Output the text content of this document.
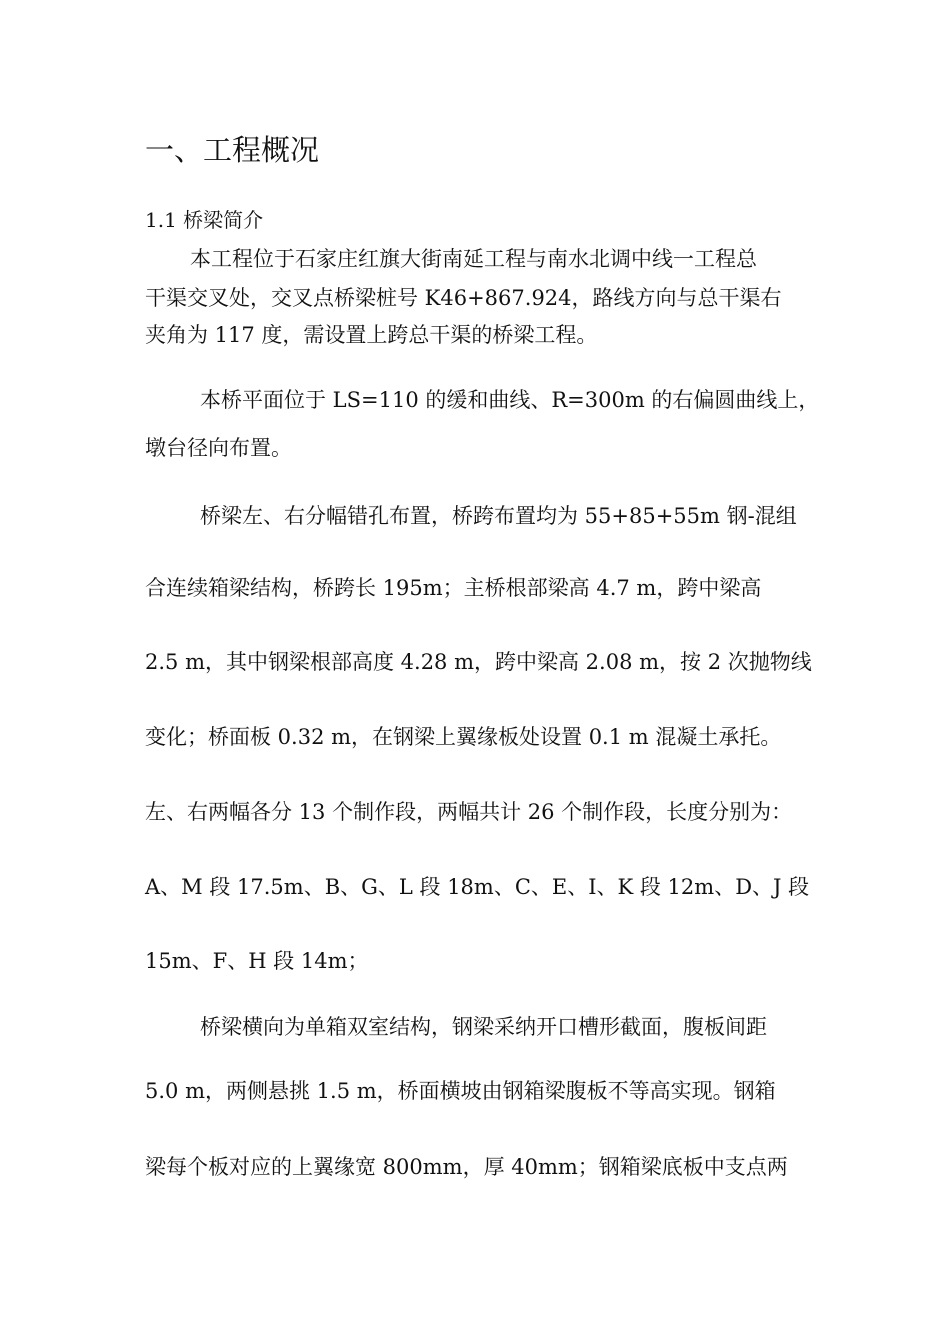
一、工程概况
1.1 桥梁简介
本工程位于石家庄红旗大街南延工程与南水北调中线一工程总
干渠交叉处，交叉点桥梁桩号 K46+867.924，路线方向与总干渠右
夹角为 117 度，需设置上跨总干渠的桥梁工程。
本桥平面位于 LS=110 的缓和曲线、R=300m 的右偏圆曲线上，
墩台径向布置。
桥梁左、右分幅错孔布置，桥跨布置均为 55+85+55m 钢-混组
合连续箱梁结构，桥跨长 195m；主桥根部梁高 4.7 m，跨中梁高
2.5 m，其中钢梁根部高度 4.28 m，跨中梁高 2.08 m，按 2 次抛物线
变化；桥面板 0.32 m，在钢梁上翼缘板处设置 0.1 m 混凝土承托。
左、右两幅各分 13 个制作段，两幅共计 26 个制作段，长度分别为：
A、M 段 17.5m、B、G、L 段 18m、C、E、I、K 段 12m、D、J 段
15m、F、H 段 14m；
桥梁横向为单箱双室结构，钢梁采纳开口槽形截面，腹板间距
5.0 m，两侧悬挑 1.5 m，桥面横坡由钢箱梁腹板不等高实现。钢箱
梁每个板对应的上翼缘宽 800mm，厚 40mm；钢箱梁底板中支点两
